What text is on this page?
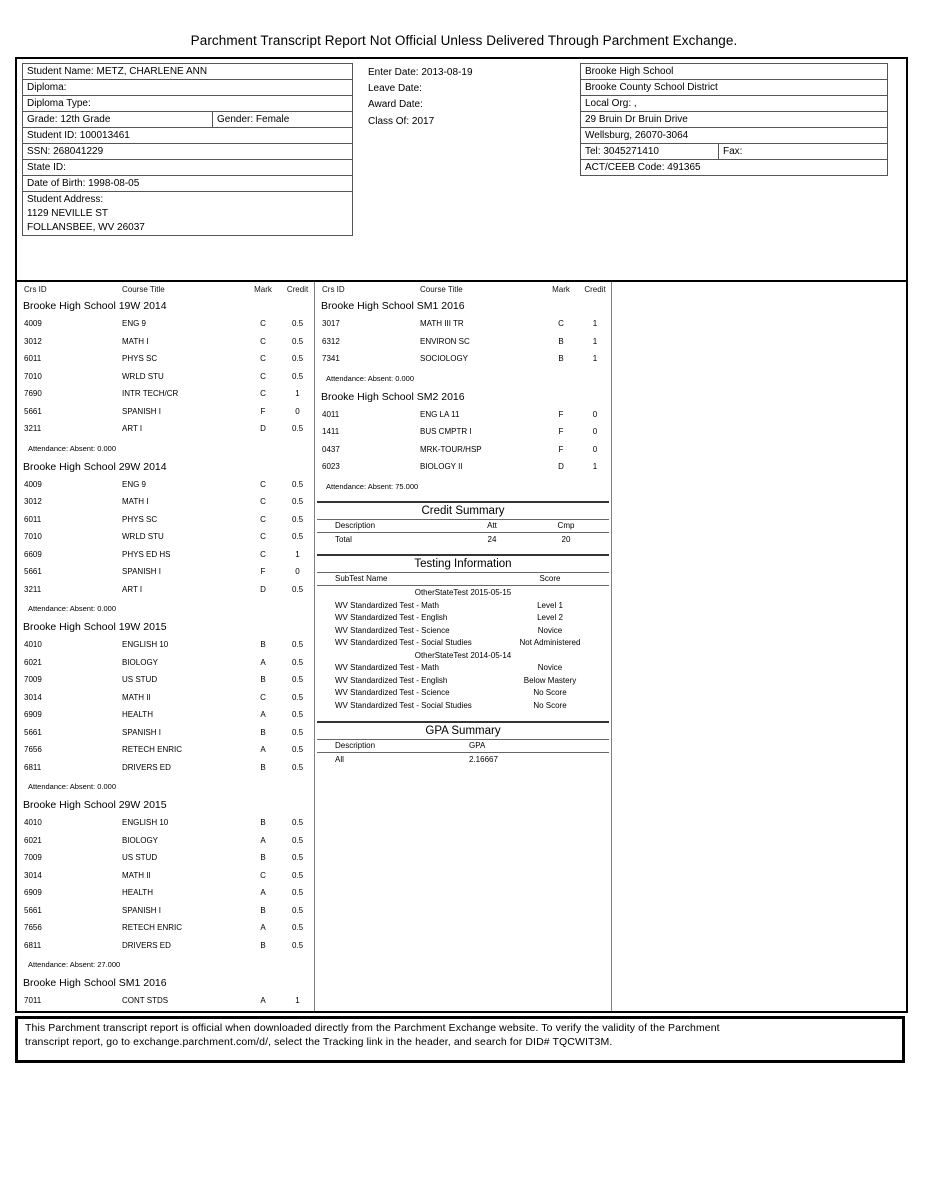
Parchment Transcript Report Not Official Unless Delivered Through Parchment Exchange.
Student Name: METZ, CHARLENE ANN
Diploma:
Diploma Type:
Grade: 12th Grade	Gender: Female
Student ID: 100013461
SSN: 268041229
State ID:
Date of Birth: 1998-08-05
Student Address:
1129 NEVILLE ST
FOLLANSBEE, WV 26037
Enter Date: 2013-08-19
Leave Date:
Award Date:
Class Of: 2017
Brooke High School
Brooke County School District
Local Org: ,
29 Bruin Dr Bruin Drive
Wellsburg, 26070-3064
Tel: 3045271410	Fax:
ACT/CEEB Code: 491365
Crs ID	Course Title	Mark	Credit
Brooke High School 19W 2014
4009	ENG 9	C	0.5
3012	MATH I	C	0.5
6011	PHYS SC	C	0.5
7010	WRLD STU	C	0.5
7690	INTR TECH/CR	C	1
5661	SPANISH I	F	0
3211	ART I	D	0.5
Attendance: Absent: 0.000
Brooke High School 29W 2014
4009	ENG 9	C	0.5
3012	MATH I	C	0.5
6011	PHYS SC	C	0.5
7010	WRLD STU	C	0.5
6609	PHYS ED HS	C	1
5661	SPANISH I	F	0
3211	ART I	D	0.5
Attendance: Absent: 0.000
Brooke High School 19W 2015
4010	ENGLISH 10	B	0.5
6021	BIOLOGY	A	0.5
7009	US STUD	B	0.5
3014	MATH II	C	0.5
6909	HEALTH	A	0.5
5661	SPANISH I	B	0.5
7656	RETECH ENRIC	A	0.5
6811	DRIVERS ED	B	0.5
Attendance: Absent: 0.000
Brooke High School 29W 2015
4010	ENGLISH 10	B	0.5
6021	BIOLOGY	A	0.5
7009	US STUD	B	0.5
3014	MATH II	C	0.5
6909	HEALTH	A	0.5
5661	SPANISH I	B	0.5
7656	RETECH ENRIC	A	0.5
6811	DRIVERS ED	B	0.5
Attendance: Absent: 27.000
Brooke High School SM1 2016
7011	CONT STDS	A	1
Crs ID	Course Title	Mark	Credit
Brooke High School SM1 2016
3017	MATH III TR	C	1
6312	ENVIRON SC	B	1
7341	SOCIOLOGY	B	1
Attendance: Absent: 0.000
Brooke High School SM2 2016
4011	ENG LA 11	F	0
1411	BUS CMPTR I	F	0
0437	MRK-TOUR/HSP	F	0
6023	BIOLOGY II	D	1
Attendance: Absent: 75.000
Credit Summary
Description	Att	Cmp
Total	24	20
Testing Information
SubTest Name	Score
OtherStateTest 2015-05-15
WV Standardized Test - Math	Level 1
WV Standardized Test - English	Level 2
WV Standardized Test - Science	Novice
WV Standardized Test - Social Studies	Not Administered
OtherStateTest 2014-05-14
WV Standardized Test - Math	Novice
WV Standardized Test - English	Below Mastery
WV Standardized Test - Science	No Score
WV Standardized Test - Social Studies	No Score
GPA Summary
Description	GPA
All	2.16667
This Parchment transcript report is official when downloaded directly from the Parchment Exchange website. To verify the validity of the Parchment
transcript report, go to exchange.parchment.com/d/, select the Tracking link in the header, and search for DID# TQCWIT3M.
